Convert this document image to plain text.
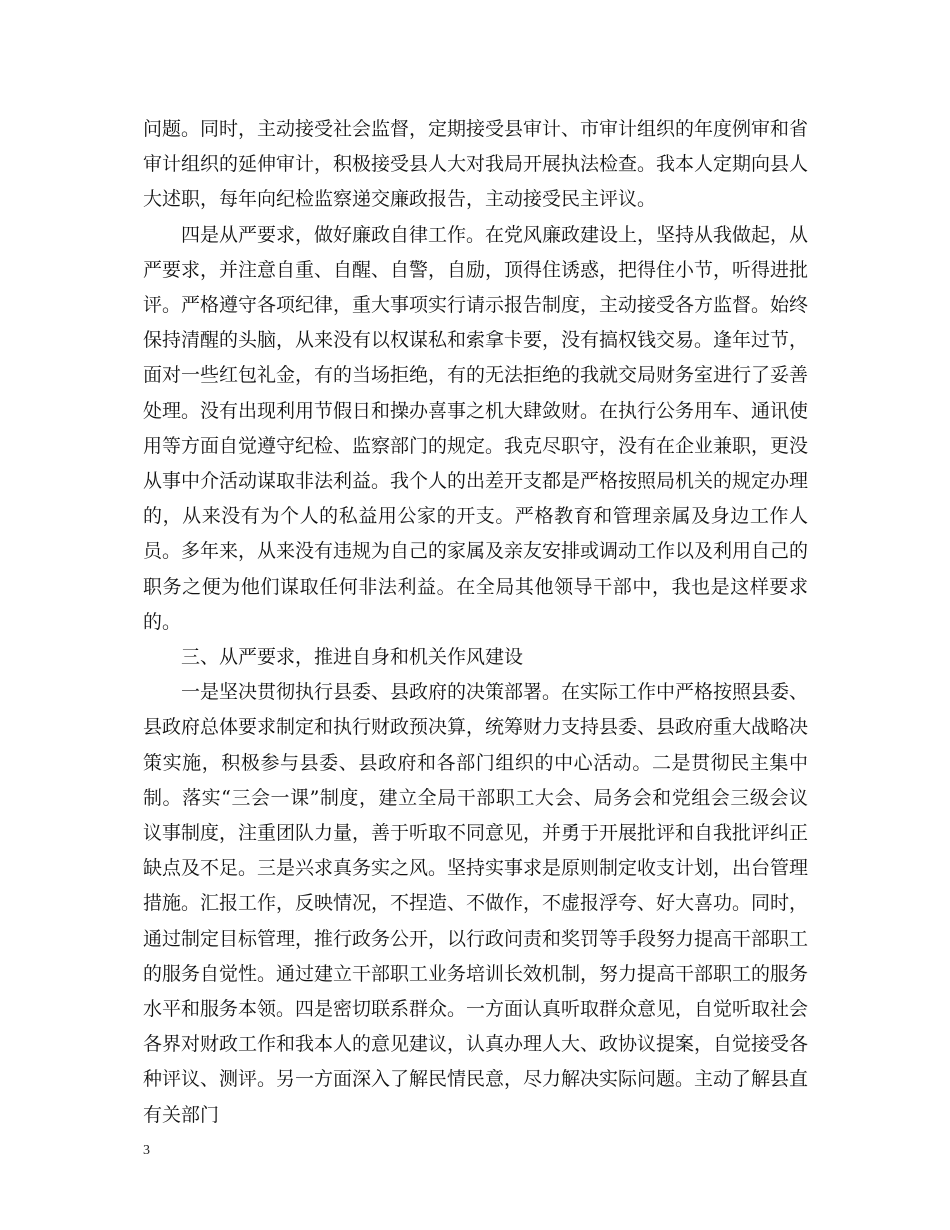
问题。同时，主动接受社会监督，定期接受县审计、市审计组织的年度例审和省审计组织的延伸审计，积极接受县人大对我局开展执法检查。我本人定期向县人大述职，每年向纪检监察递交廉政报告，主动接受民主评议。

四是从严要求，做好廉政自律工作。在党风廉政建设上，坚持从我做起，从严要求，并注意自重、自醒、自警，自励，顶得住诱惑，把得住小节，听得进批评。严格遵守各项纪律，重大事项实行请示报告制度，主动接受各方监督。始终保持清醒的头脑，从来没有以权谋私和索拿卡要，没有搞权钱交易。逢年过节，面对一些红包礼金，有的当场拒绝，有的无法拒绝的我就交局财务室进行了妥善处理。没有出现利用节假日和操办喜事之机大肆敛财。在执行公务用车、通讯使用等方面自觉遵守纪检、监察部门的规定。我克尽职守，没有在企业兼职，更没从事中介活动谋取非法利益。我个人的出差开支都是严格按照局机关的规定办理的，从来没有为个人的私益用公家的开支。严格教育和管理亲属及身边工作人员。多年来，从来没有违规为自己的家属及亲友安排或调动工作以及利用自己的职务之便为他们谋取任何非法利益。在全局其他领导干部中，我也是这样要求的。

三、从严要求，推进自身和机关作风建设

一是坚决贯彻执行县委、县政府的决策部署。在实际工作中严格按照县委、县政府总体要求制定和执行财政预决算，统筹财力支持县委、县政府重大战略决策实施，积极参与县委、县政府和各部门组织的中心活动。二是贯彻民主集中制。落实“三会一课”制度，建立全局干部职工大会、局务会和党组会三级会议议事制度，注重团队力量，善于听取不同意见，并勇于开展批评和自我批评纠正缺点及不足。三是兴求真务实之风。坚持实事求是原则制定收支计划，出台管理措施。汇报工作，反映情况，不捏造、不做作，不虚报浮夸、好大喜功。同时，通过制定目标管理，推行政务公开，以行政问责和奖罚等手段努力提高干部职工的服务自觉性。通过建立干部职工业务培训长效机制，努力提高干部职工的服务水平和服务本领。四是密切联系群众。一方面认真听取群众意见，自觉听取社会各界对财政工作和我本人的意见建议，认真办理人大、政协议提案，自觉接受各种评议、测评。另一方面深入了解民情民意，尽力解决实际问题。主动了解县直有关部门

3
